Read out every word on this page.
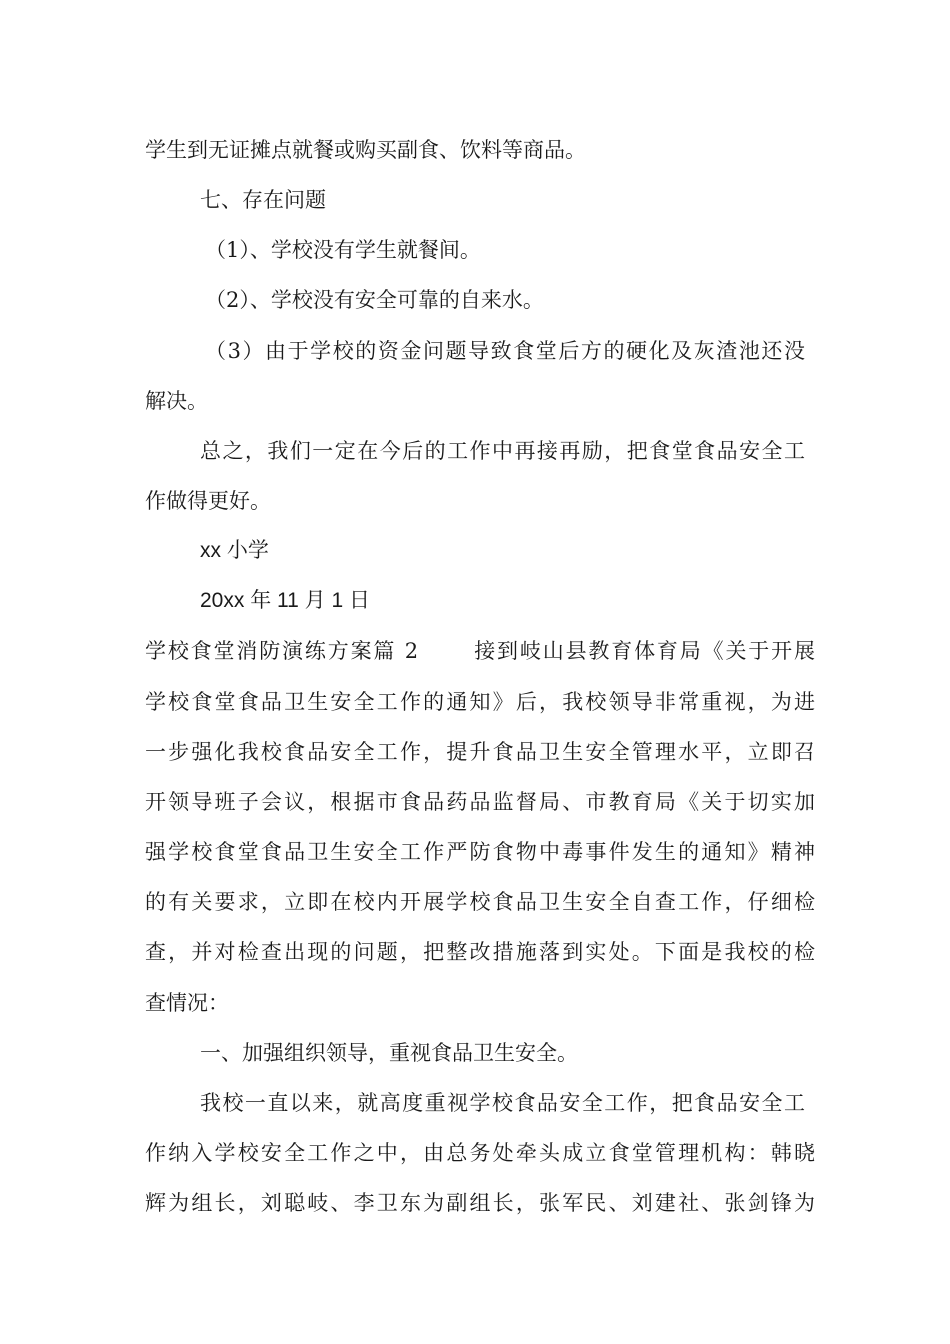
学生到无证摊点就餐或购买副食、饮料等商品。
七、存在问题
（1）、学校没有学生就餐间。
（2）、学校没有安全可靠的自来水。
（3）由于学校的资金问题导致食堂后方的硬化及灰渣池还没
解决。
总之，我们一定在今后的工作中再接再励，把食堂食品安全工
作做得更好。
xx 小学
20xx 年 11 月 1 日
学校食堂消防演练方案篇 2　　 接到岐山县教育体育局《关于开展
学校食堂食品卫生安全工作的通知》后，我校领导非常重视，为进
一步强化我校食品安全工作，提升食品卫生安全管理水平，立即召
开领导班子会议，根据市食品药品监督局、市教育局《关于切实加
强学校食堂食品卫生安全工作严防食物中毒事件发生的通知》精神
的有关要求，立即在校内开展学校食品卫生安全自查工作，仔细检
查，并对检查出现的问题，把整改措施落到实处。下面是我校的检
查情况：
一、加强组织领导，重视食品卫生安全。
我校一直以来，就高度重视学校食品安全工作，把食品安全工
作纳入学校安全工作之中，由总务处牵头成立食堂管理机构：韩晓
辉为组长，刘聪岐、李卫东为副组长，张军民、刘建社、张剑锋为
